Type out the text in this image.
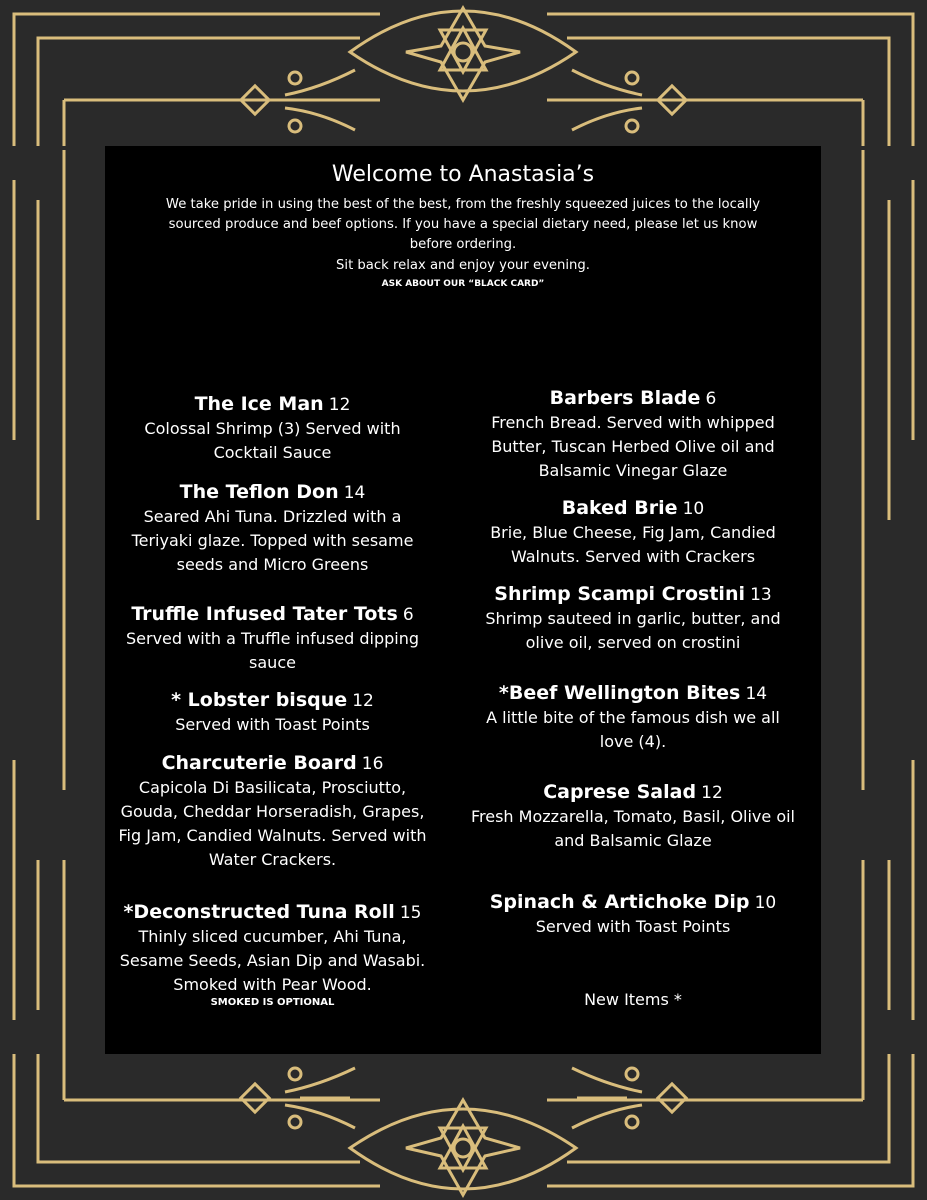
Welcome to Anastasia’s
We take pride in using the best of the best, from the freshly squeezed juices to the locally sourced produce and beef options. If you have a special dietary need, please let us know before ordering.
Sit back relax and enjoy your evening.
ASK ABOUT OUR “BLACK CARD”
The Ice Man 12
Colossal Shrimp (3) Served with Cocktail Sauce
The Teflon Don 14
Seared Ahi Tuna. Drizzled with a Teriyaki glaze. Topped with sesame seeds and Micro Greens
Truffle Infused Tater Tots 6
Served with a Truffle infused dipping sauce
* Lobster bisque 12
Served with Toast Points
Charcuterie Board 16
Capicola Di Basilicata, Prosciutto, Gouda, Cheddar Horseradish, Grapes, Fig Jam, Candied Walnuts. Served with Water Crackers.
*Deconstructed Tuna Roll 15
Thinly sliced cucumber, Ahi Tuna, Sesame Seeds, Asian Dip and Wasabi. Smoked with Pear Wood.
SMOKED IS OPTIONAL
Barbers Blade 6
French Bread. Served with whipped Butter, Tuscan Herbed Olive oil and Balsamic Vinegar Glaze
Baked Brie 10
Brie, Blue Cheese, Fig Jam, Candied Walnuts. Served with Crackers
Shrimp Scampi Crostini 13
Shrimp sauteed in garlic, butter, and olive oil, served on crostini
*Beef Wellington Bites 14
A little bite of the famous dish we all love (4).
Caprese Salad 12
Fresh Mozzarella, Tomato, Basil, Olive oil and Balsamic Glaze
Spinach & Artichoke Dip 10
Served with Toast Points
New Items *
